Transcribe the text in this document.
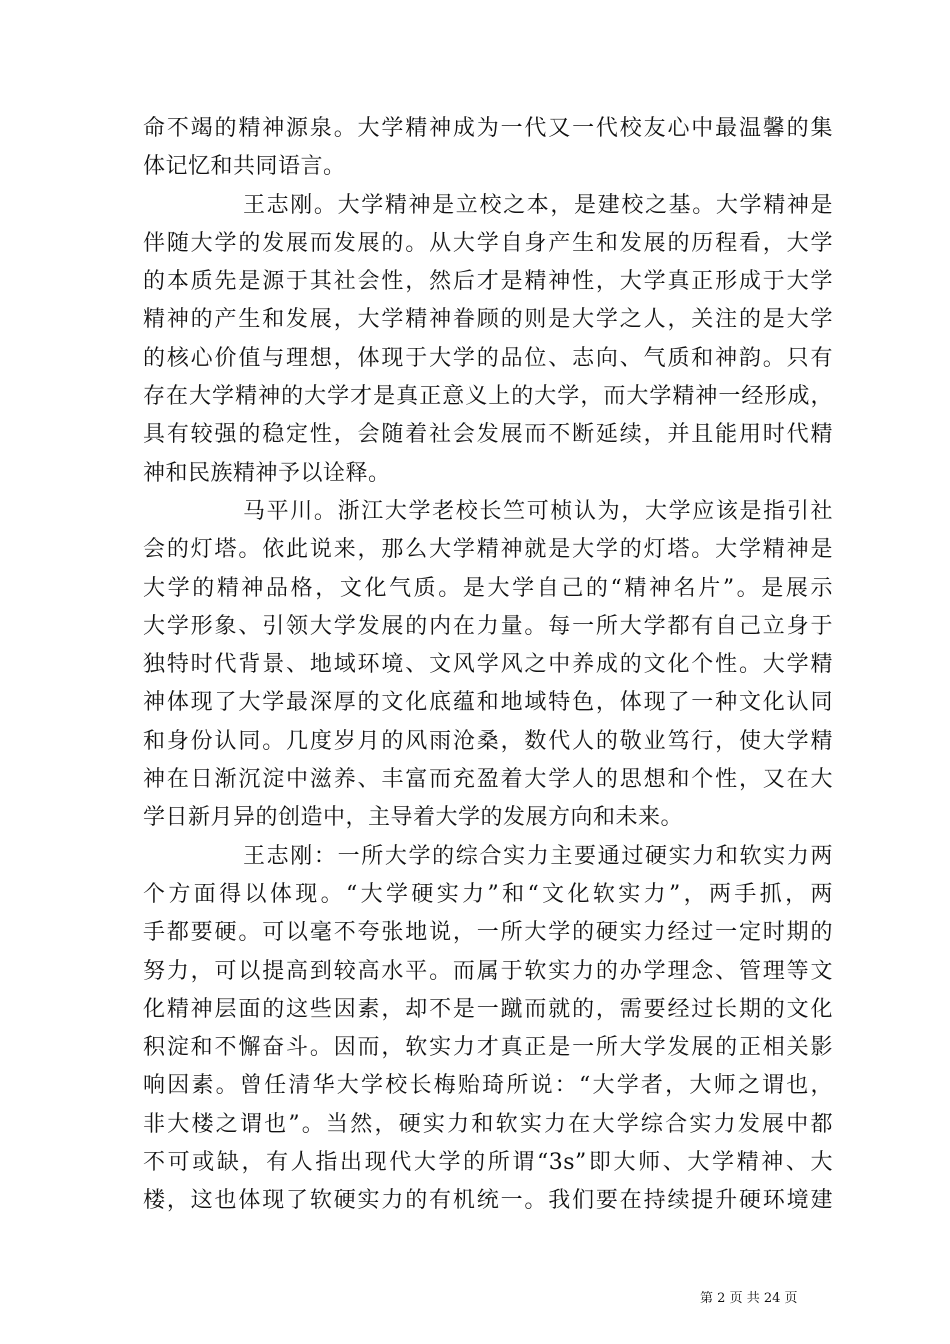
命不竭的精神源泉。大学精神成为一代又一代校友心中最温馨的集
体记忆和共同语言。
王志刚。大学精神是立校之本，是建校之基。大学精神是
伴随大学的发展而发展的。从大学自身产生和发展的历程看，大学
的本质先是源于其社会性，然后才是精神性，大学真正形成于大学
精神的产生和发展，大学精神眷顾的则是大学之人，关注的是大学
的核心价值与理想，体现于大学的品位、志向、气质和神韵。只有
存在大学精神的大学才是真正意义上的大学，而大学精神一经形成，
具有较强的稳定性，会随着社会发展而不断延续，并且能用时代精
神和民族精神予以诠释。
马平川。浙江大学老校长竺可桢认为，大学应该是指引社
会的灯塔。依此说来，那么大学精神就是大学的灯塔。大学精神是
大学的精神品格，文化气质。是大学自己的“精神名片”。是展示
大学形象、引领大学发展的内在力量。每一所大学都有自己立身于
独特时代背景、地域环境、文风学风之中养成的文化个性。大学精
神体现了大学最深厚的文化底蕴和地域特色，体现了一种文化认同
和身份认同。几度岁月的风雨沧桑，数代人的敬业笃行，使大学精
神在日渐沉淀中滋养、丰富而充盈着大学人的思想和个性，又在大
学日新月异的创造中，主导着大学的发展方向和未来。
王志刚：一所大学的综合实力主要通过硬实力和软实力两
个方面得以体现。“大学硬实力”和“文化软实力”，两手抓，两
手都要硬。可以毫不夸张地说，一所大学的硬实力经过一定时期的
努力，可以提高到较高水平。而属于软实力的办学理念、管理等文
化精神层面的这些因素，却不是一蹴而就的，需要经过长期的文化
积淀和不懈奋斗。因而，软实力才真正是一所大学发展的正相关影
响因素。曾任清华大学校长梅贻琦所说：“大学者，大师之谓也，
非大楼之谓也”。当然，硬实力和软实力在大学综合实力发展中都
不可或缺，有人指出现代大学的所谓“3s”即大师、大学精神、大
楼，这也体现了软硬实力的有机统一。我们要在持续提升硬环境建
第 2 页 共 24 页
